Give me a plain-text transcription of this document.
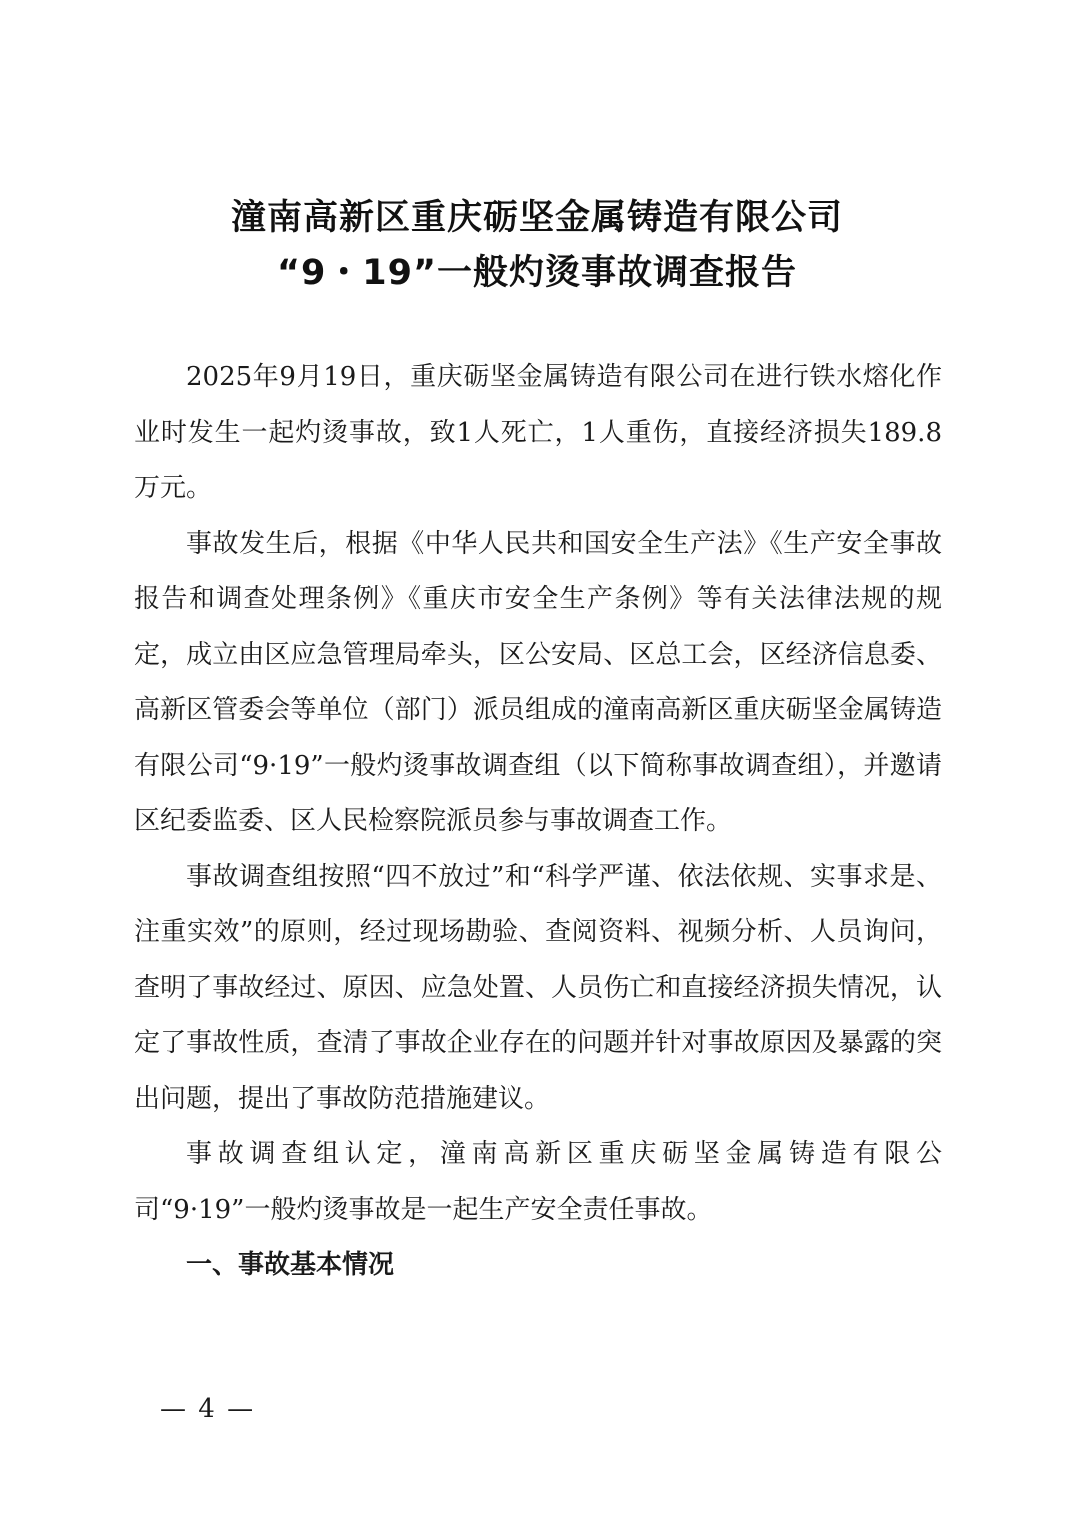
潼南高新区重庆砺坚金属铸造有限公司
“9・19”一般灼烫事故调查报告

2025年9月19日，重庆砺坚金属铸造有限公司在进行铁水熔化作业时发生一起灼烫事故，致1人死亡，1人重伤，直接经济损失189.8万元。

事故发生后，根据《中华人民共和国安全生产法》《生产安全事故报告和调查处理条例》《重庆市安全生产条例》等有关法律法规的规定，成立由区应急管理局牵头，区公安局、区总工会，区经济信息委、高新区管委会等单位（部门）派员组成的潼南高新区重庆砺坚金属铸造有限公司“9·19”一般灼烫事故调查组（以下简称事故调查组），并邀请区纪委监委、区人民检察院派员参与事故调查工作。

事故调查组按照“四不放过”和“科学严谨、依法依规、实事求是、注重实效”的原则，经过现场勘验、查阅资料、视频分析、人员询问，查明了事故经过、原因、应急处置、人员伤亡和直接经济损失情况，认定了事故性质，查清了事故企业存在的问题并针对事故原因及暴露的突出问题，提出了事故防范措施建议。

事故调查组认定，潼南高新区重庆砺坚金属铸造有限公司“9·19”一般灼烫事故是一起生产安全责任事故。

一、事故基本情况

— 4 —
